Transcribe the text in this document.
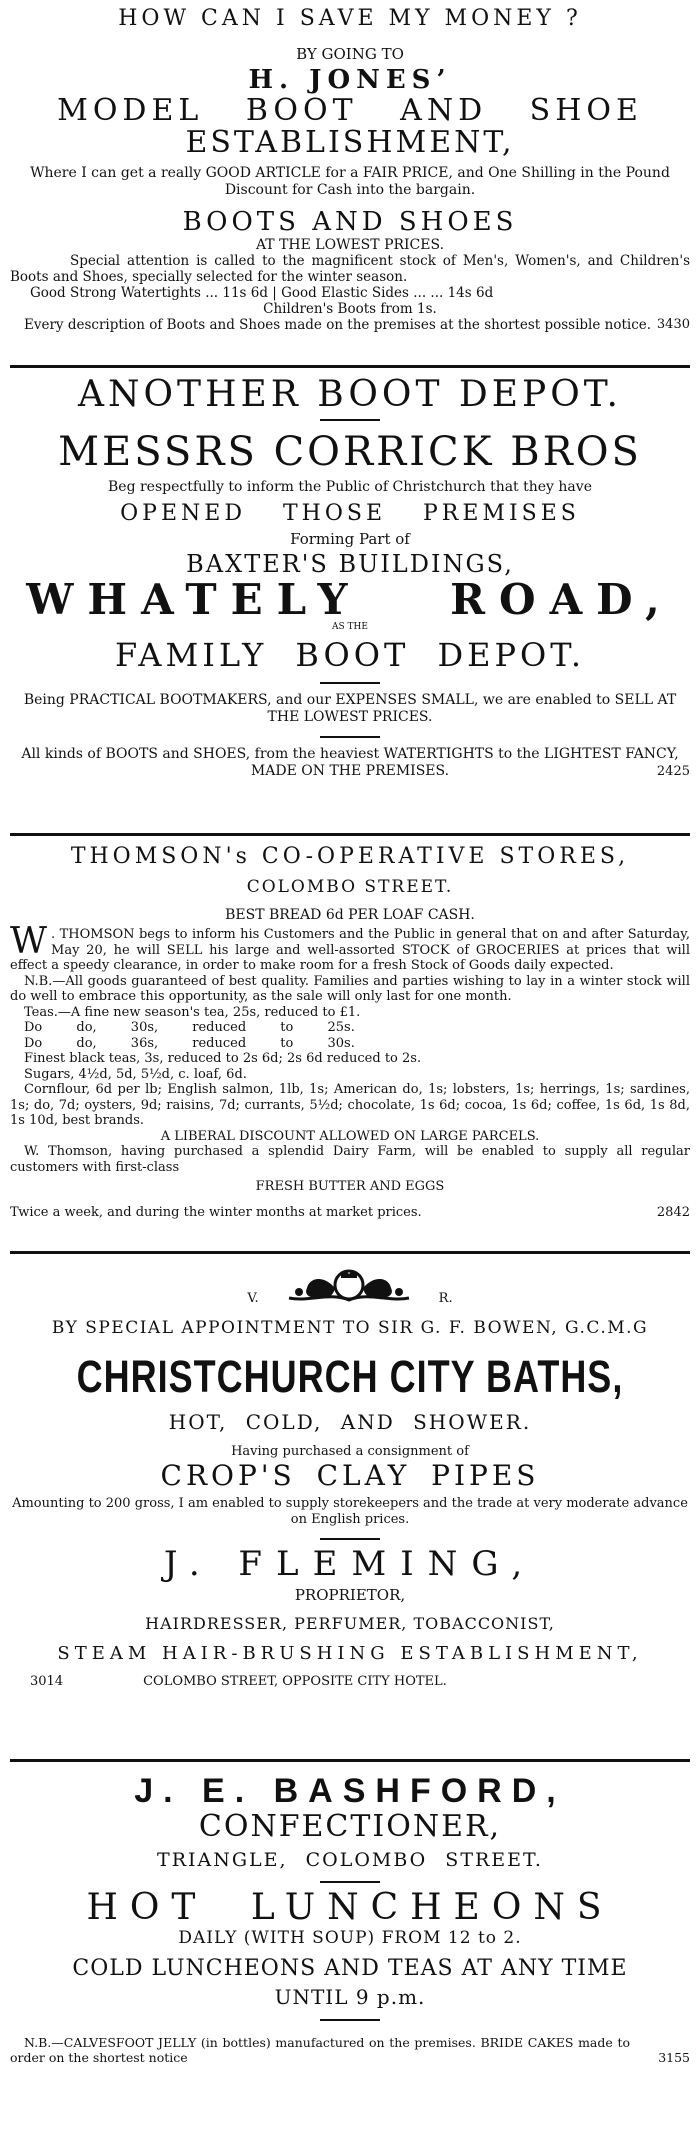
HOW CAN I SAVE MY MONEY ?

BY GOING TO

H. JONES’

MODEL BOOT AND SHOE

ESTABLISHMENT,

Where I can get a really GOOD ARTICLE for a FAIR PRICE, and One Shilling in the Pound Discount for Cash into the bargain.

BOOTS AND SHOES

AT THE LOWEST PRICES.

Special attention is called to the magnificent stock of Men's, Women's, and Children's Boots and Shoes, specially selected for the winter season.

Good Strong Watertights ... 11s 6d | Good Elastic Sides ... ... 14s 6d

Children's Boots from 1s.

Every description of Boots and Shoes made on the premises at the shortest possible notice. 3430

ANOTHER BOOT DEPOT.

MESSRS CORRICK BROS

Beg respectfully to inform the Public of Christchurch that they have

OPENED THOSE PREMISES

Forming Part of

BAXTER'S BUILDINGS,

WHATELY ROAD,

AS THE

FAMILY BOOT DEPOT.

Being PRACTICAL BOOTMAKERS, and our EXPENSES SMALL, we are enabled to SELL AT THE LOWEST PRICES.

All kinds of BOOTS and SHOES, from the heaviest WATERTIGHTS to the LIGHTEST FANCY, MADE ON THE PREMISES.	2425

THOMSON's CO-OPERATIVE STORES,

COLOMBO STREET.

BEST BREAD 6d PER LOAF CASH.

W . THOMSON begs to inform his Customers and the Public in general that on and after Saturday, May 20, he will SELL his large and well-assorted STOCK of GROCERIES at prices that will effect a speedy clearance, in order to make room for a fresh Stock of Goods daily expected.

N.B.—All goods guaranteed of best quality. Families and parties wishing to lay in a winter stock will do well to embrace this opportunity, as the sale will only last for one month.

Teas.—A fine new season's tea, 25s, reduced to £1.

Do do, 30s, reduced to 25s.

Do do, 36s, reduced to 30s.

Finest black teas, 3s, reduced to 2s 6d; 2s 6d reduced to 2s.

Sugars, 4½d, 5d, 5½d, c. loaf, 6d.

Cornflour, 6d per lb; English salmon, 1lb, 1s; American do, 1s; lobsters, 1s; herrings, 1s; sardines, 1s; do, 7d; oysters, 9d; raisins, 7d; currants, 5½d; chocolate, 1s 6d; cocoa, 1s 6d; coffee, 1s 6d, 1s 8d, 1s 10d, best brands.

A LIBERAL DISCOUNT ALLOWED ON LARGE PARCELS.

W. Thomson, having purchased a splendid Dairy Farm, will be enabled to supply all regular customers with first-class

FRESH BUTTER AND EGGS

Twice a week, and during the winter months at market prices.	2842

V.	R.

BY SPECIAL APPOINTMENT TO SIR G. F. BOWEN, G.C.M.G

CHRISTCHURCH CITY BATHS,

HOT, COLD, AND SHOWER.

Having purchased a consignment of

CROP'S CLAY PIPES

Amounting to 200 gross, I am enabled to supply storekeepers and the trade at very moderate advance on English prices.

J. FLEMING,

PROPRIETOR,

HAIRDRESSER, PERFUMER, TOBACCONIST,

STEAM HAIR-BRUSHING ESTABLISHMENT,

3014	COLOMBO STREET, OPPOSITE CITY HOTEL.

J. E. BASHFORD,

CONFECTIONER,

TRIANGLE, COLOMBO STREET.

HOT LUNCHEONS

DAILY (WITH SOUP) FROM 12 to 2.

COLD LUNCHEONS AND TEAS AT ANY TIME

UNTIL 9 p.m.

N.B.—CALVESFOOT JELLY (in bottles) manufactured on the premises. BRIDE CAKES made to order on the shortest notice	3155
